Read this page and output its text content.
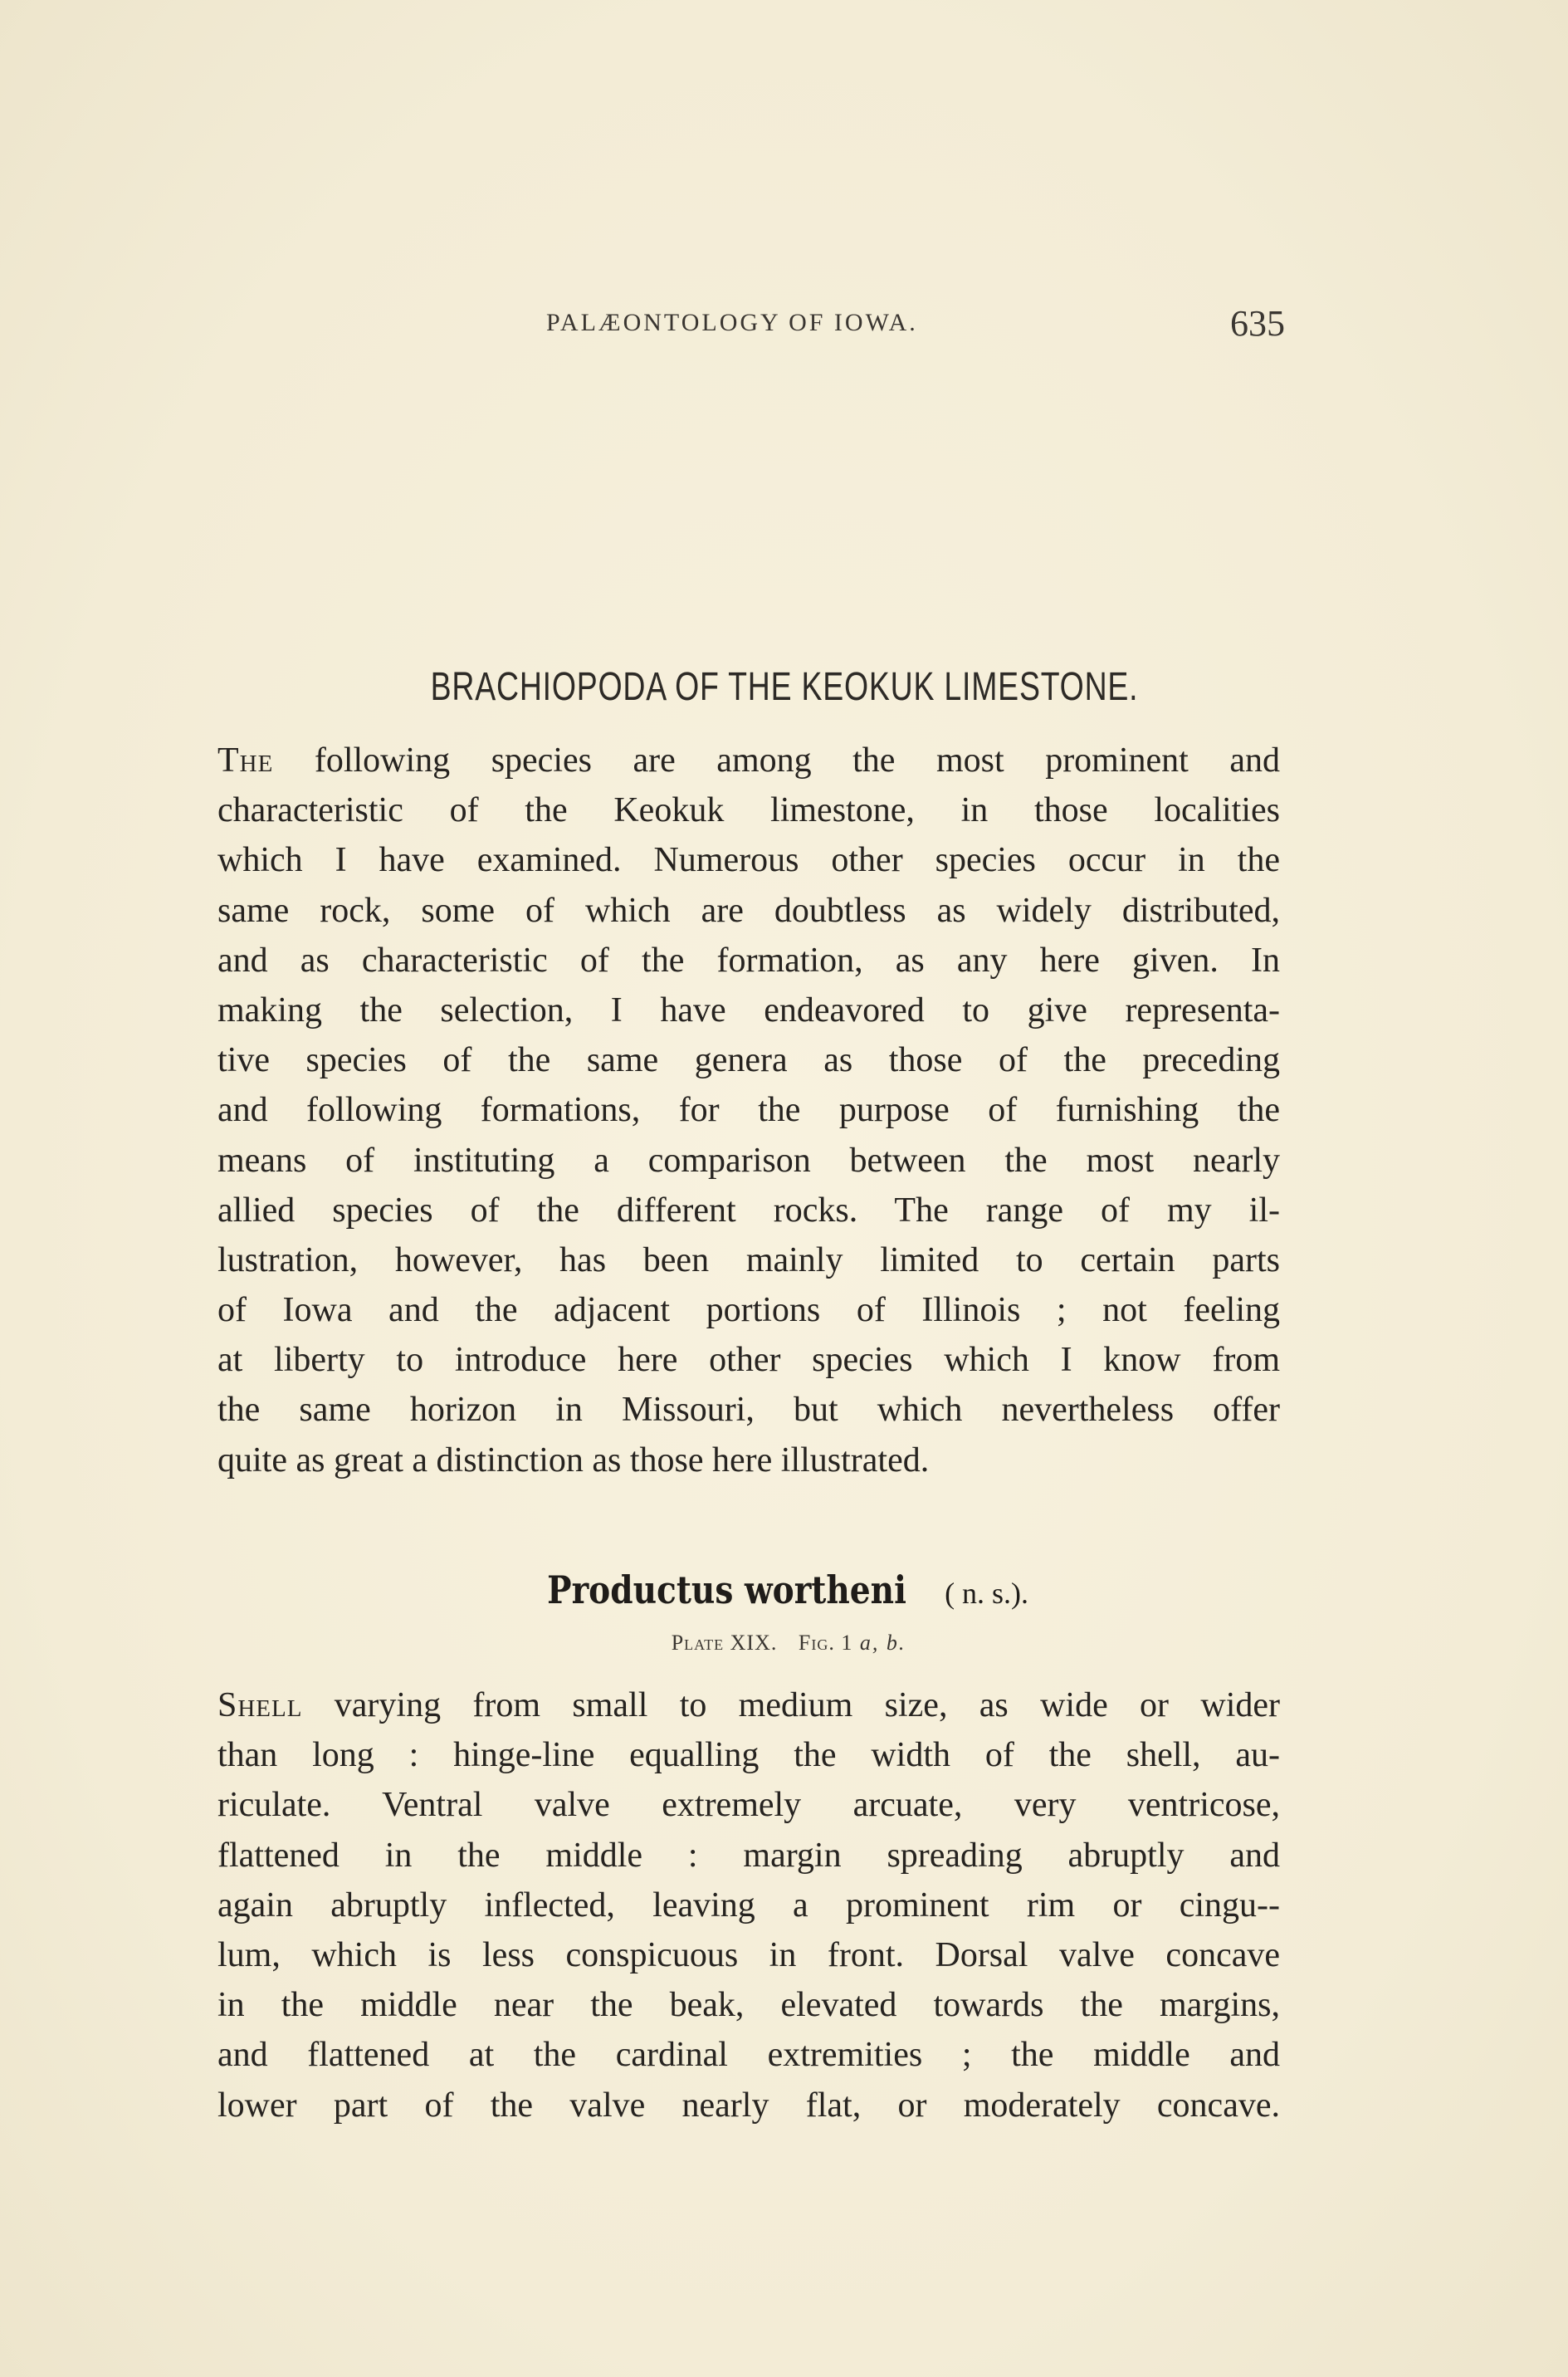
PALÆONTOLOGY OF IOWA.	635
BRACHIOPODA OF THE KEOKUK LIMESTONE.
The following species are among the most prominent and
characteristic of the Keokuk limestone, in those localities
which I have examined. Numerous other species occur in the
same rock, some of which are doubtless as widely distributed,
and as characteristic of the formation, as any here given. In
making the selection, I have endeavored to give representa-
tive species of the same genera as those of the preceding
and following formations, for the purpose of furnishing the
means of instituting a comparison between the most nearly
allied species of the different rocks. The range of my il-
lustration, however, has been mainly limited to certain parts
of Iowa and the adjacent portions of Illinois ; not feeling
at liberty to introduce here other species which I know from
the same horizon in Missouri, but which nevertheless offer
quite as great a distinction as those here illustrated.
Productus wortheni ( n. s.).
Plate XIX. Fig. 1 a, b.
Shell varying from small to medium size, as wide or wider
than long : hinge-line equalling the width of the shell, au-
riculate. Ventral valve extremely arcuate, very ventricose,
flattened in the middle : margin spreading abruptly and
again abruptly inflected, leaving a prominent rim or cingu--
lum, which is less conspicuous in front. Dorsal valve concave
in the middle near the beak, elevated towards the margins,
and flattened at the cardinal extremities ; the middle and
lower part of the valve nearly flat, or moderately concave.
